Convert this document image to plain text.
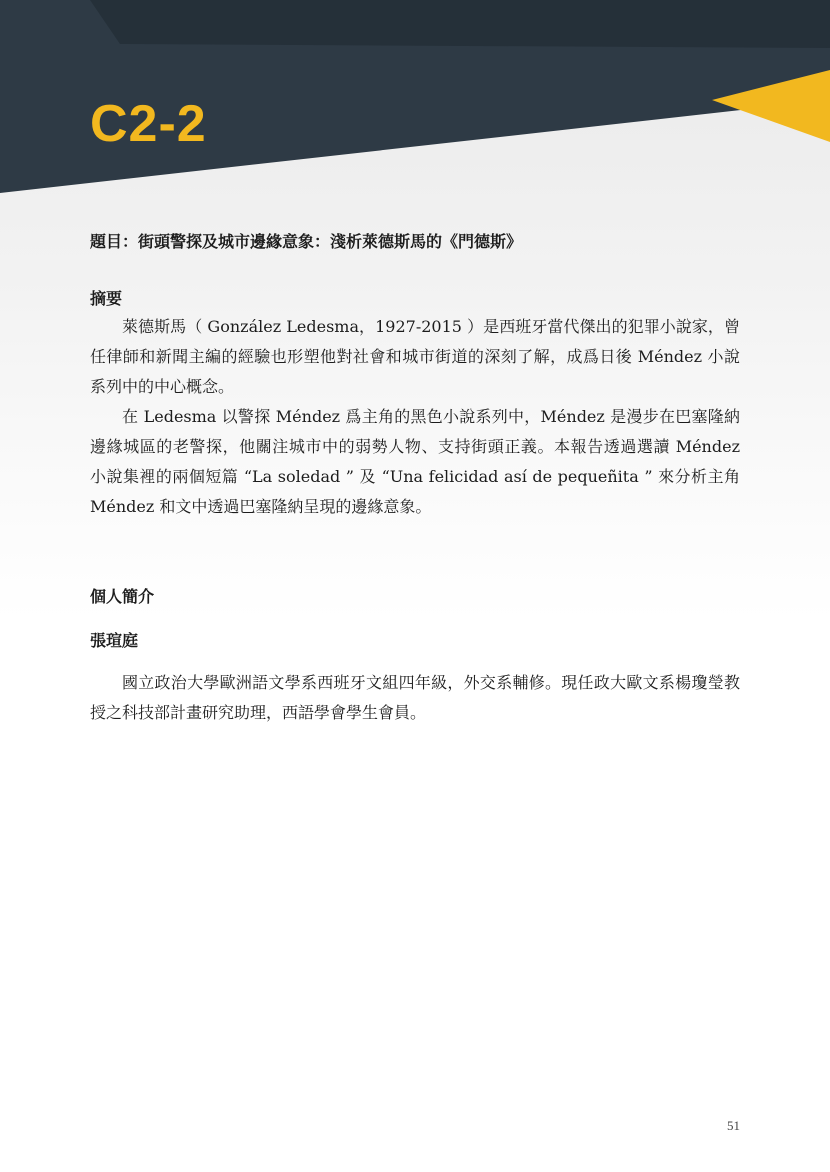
C2-2
題目：街頭警探及城市邊緣意象：淺析萊德斯馬的《門德斯》
摘要

萊德斯馬（ González Ledesma，1927-2015 ）是西班牙當代傑出的犯罪小說家，曾任律師和新聞主編的經驗也形塑他對社會和城市街道的深刻了解，成爲日後 Méndez 小說系列中的中心概念。

在 Ledesma 以警探 Méndez 爲主角的黑色小說系列中，Méndez 是漫步在巴塞隆納邊緣城區的老警探，他關注城市中的弱勢人物、支持街頭正義。本報告透過選讀 Méndez 小說集裡的兩個短篇 “La soledad ” 及 “Una felicidad así de pequeñita ” 來分析主角 Méndez 和文中透過巴塞隆納呈現的邊緣意象。

個人簡介
張瑄庭

國立政治大學歐洲語文學系西班牙文組四年級，外交系輔修。現任政大歐文系楊瓊瑩教授之科技部計畫研究助理，西語學會學生會員。

51
